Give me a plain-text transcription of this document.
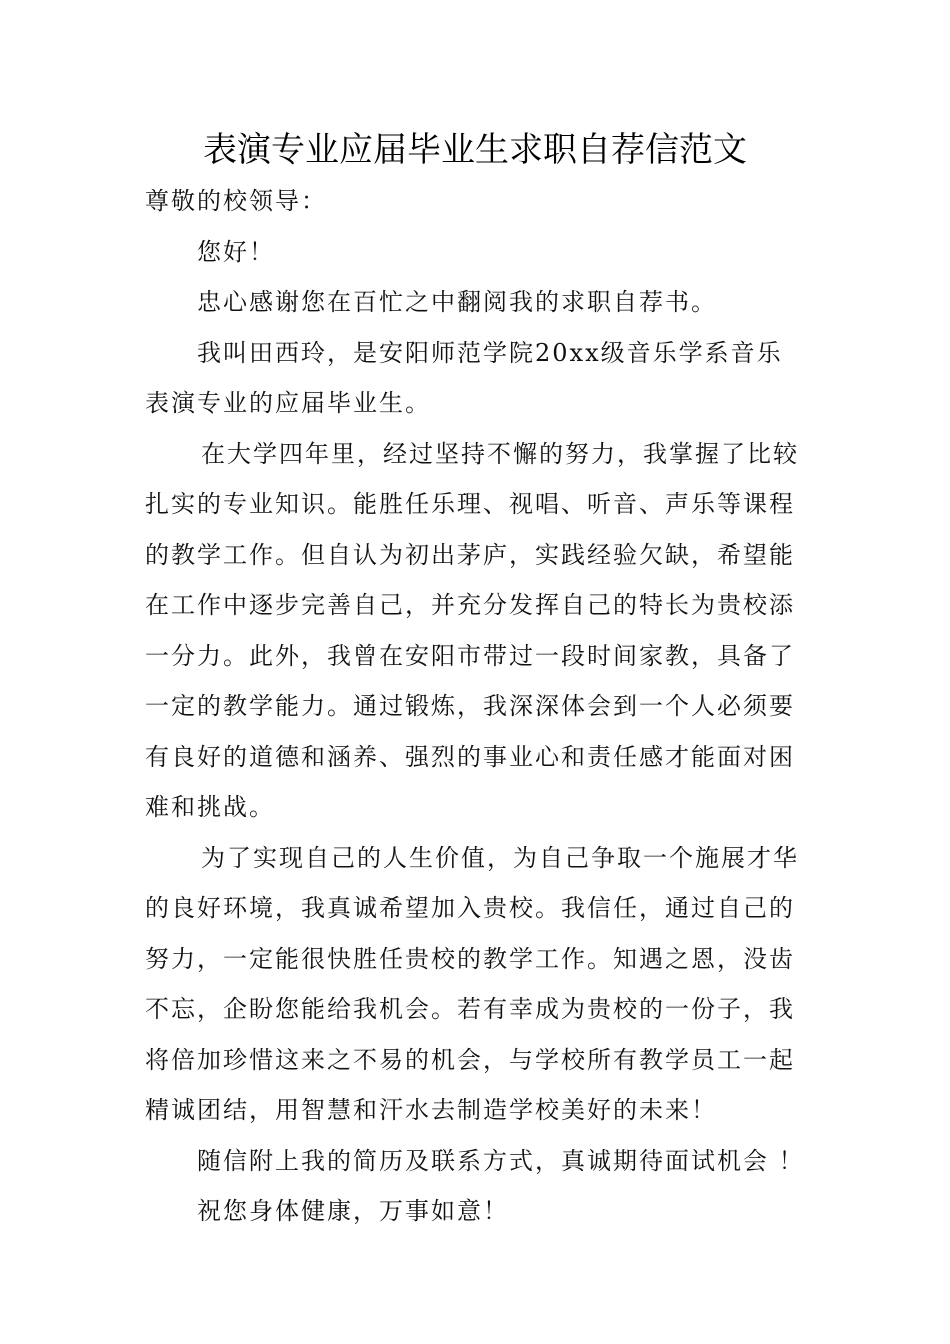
表演专业应届毕业生求职自荐信范文

尊敬的校领导：

您好！

忠心感谢您在百忙之中翻阅我的求职自荐书。

我叫田西玲，是安阳师范学院20xx级音乐学系音乐表演专业的应届毕业生。

在大学四年里，经过坚持不懈的努力，我掌握了比较扎实的专业知识。能胜任乐理、视唱、听音、声乐等课程的教学工作。但自认为初出茅庐，实践经验欠缺，希望能在工作中逐步完善自己，并充分发挥自己的特长为贵校添一分力。此外，我曾在安阳市带过一段时间家教，具备了一定的教学能力。通过锻炼，我深深体会到一个人必须要有良好的道德和涵养、强烈的事业心和责任感才能面对困难和挑战。

为了实现自己的人生价值，为自己争取一个施展才华的良好环境，我真诚希望加入贵校。我信任，通过自己的努力，一定能很快胜任贵校的教学工作。知遇之恩，没齿不忘，企盼您能给我机会。若有幸成为贵校的一份子，我将倍加珍惜这来之不易的机会，与学校所有教学员工一起精诚团结，用智慧和汗水去制造学校美好的未来！

随信附上我的简历及联系方式，真诚期待面试机会 ！

祝您身体健康，万事如意！
